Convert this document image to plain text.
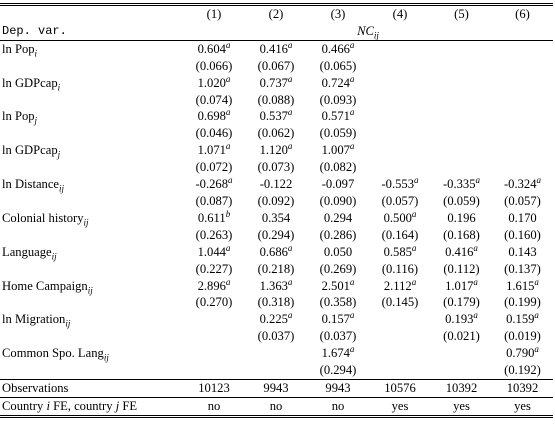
	(1)	(2)	(3)	(4)	(5)	(6)
Dep. var.	$NC_{ij}$
ln Pop$_i$	0.604$^a$	0.416$^a$	0.466$^a$			
	(0.066)	(0.067)	(0.065)			
ln GDPcap$_i$	1.020$^a$	0.737$^a$	0.724$^a$			
	(0.074)	(0.088)	(0.093)			
ln Pop$_j$	0.698$^a$	0.537$^a$	0.571$^a$			
	(0.046)	(0.062)	(0.059)			
ln GDPcap$_j$	1.071$^a$	1.120$^a$	1.007$^a$			
	(0.072)	(0.073)	(0.082)			
ln Distance$_{ij}$	-0.268$^a$	-0.122	-0.097	-0.553$^a$	-0.335$^a$	-0.324$^a$
	(0.087)	(0.092)	(0.090)	(0.057)	(0.059)	(0.057)
Colonial history$_{ij}$	0.611$^b$	0.354	0.294	0.500$^a$	0.196	0.170
	(0.263)	(0.294)	(0.286)	(0.164)	(0.168)	(0.160)
Language$_{ij}$	1.044$^a$	0.686$^a$	0.050	0.585$^a$	0.416$^a$	0.143
	(0.227)	(0.218)	(0.269)	(0.116)	(0.112)	(0.137)
Home Campaign$_{ij}$	2.896$^a$	1.363$^a$	2.501$^a$	2.112$^a$	1.017$^a$	1.615$^a$
	(0.270)	(0.318)	(0.358)	(0.145)	(0.179)	(0.199)
ln Migration$_{ij}$		0.225$^a$	0.157$^a$		0.193$^a$	0.159$^a$
		(0.037)	(0.037)		(0.021)	(0.019)
Common Spo. Lang$_{ij}$			1.674$^a$			0.790$^a$
			(0.294)			(0.192)
Observations	10123	9943	9943	10576	10392	10392
Country i FE, country j FE	no	no	no	yes	yes	yes
